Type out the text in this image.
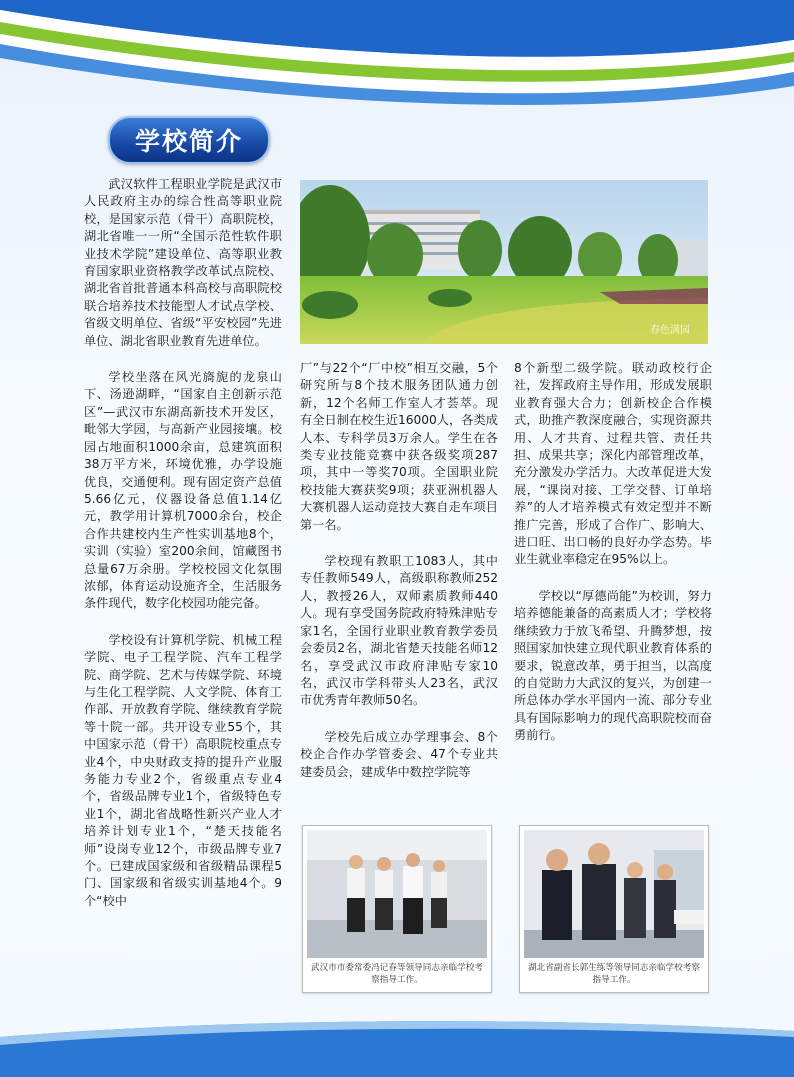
学校简介

武汉软件工程职业学院是武汉市人民政府主办的综合性高等职业院校，是国家示范（骨干）高职院校，湖北省唯一一所“全国示范性软件职业技术学院”建设单位、高等职业教育国家职业资格教学改革试点院校、湖北省首批普通本科高校与高职院校联合培养技术技能型人才试点学校、省级文明单位、省级“平安校园”先进单位、湖北省职业教育先进单位。

学校坐落在风光旖旎的龙泉山下、汤逊湖畔，“国家自主创新示范区”—武汉市东湖高新技术开发区，毗邻大学园，与高新产业园接壤。校园占地面积1000余亩，总建筑面积38万平方米，环境优雅，办学设施优良，交通便利。现有固定资产总值5.66亿元，仪器设备总值1.14亿元，教学用计算机7000余台，校企合作共建校内生产性实训基地8个，实训（实验）室200余间，馆藏图书总量67万余册。学校校园文化氛围浓郁，体育运动设施齐全，生活服务条件现代，数字化校园功能完备。

学校设有计算机学院、机械工程学院、电子工程学院、汽车工程学院、商学院、艺术与传媒学院、环境与生化工程学院、人文学院、体育工作部、开放教育学院、继续教育学院等十院一部。共开设专业55个，其中国家示范（骨干）高职院校重点专业4个，中央财政支持的提升产业服务能力专业2个，省级重点专业4个，省级品牌专业1个，省级特色专业1个，湖北省战略性新兴产业人才培养计划专业1个，“楚天技能名师”设岗专业12个，市级品牌专业7个。已建成国家级和省级精品课程5门、国家级和省级实训基地4个。9个“校中

春色满园

厂”与22个“厂中校”相互交融，5个研究所与8个技术服务团队通力创新，12个名师工作室人才荟萃。现有全日制在校生近16000人，各类成人本、专科学员3万余人。学生在各类专业技能竞赛中获各级奖项287项，其中一等奖70项。全国职业院校技能大赛获奖9项；获亚洲机器人大赛机器人运动竞技大赛自走车项目第一名。

学校现有教职工1083人，其中专任教师549人，高级职称教师252人，教授26人，双师素质教师440人。现有享受国务院政府特殊津贴专家1名，全国行业职业教育教学委员会委员2名，湖北省楚天技能名师12名，享受武汉市政府津贴专家10名，武汉市学科带头人23名，武汉市优秀青年教师50名。

学校先后成立办学理事会、8个校企合作办学管委会、47个专业共建委员会，建成华中数控学院等

8个新型二级学院。联动政校行企社，发挥政府主导作用，形成发展职业教育强大合力；创新校企合作模式，助推产教深度融合，实现资源共用、人才共育、过程共管、责任共担、成果共享；深化内部管理改革，充分激发办学活力。大改革促进大发展，“课岗对接、工学交替、订单培养”的人才培养模式有效定型并不断推广完善，形成了合作广、影响大、进口旺、出口畅的良好办学态势。毕业生就业率稳定在95%以上。

学校以“厚德尚能”为校训，努力培养德能兼备的高素质人才；学校将继续致力于放飞希望、升腾梦想，按照国家加快建立现代职业教育体系的要求，锐意改革，勇于担当，以高度的自觉助力大武汉的复兴，为创建一所总体办学水平国内一流、部分专业具有国际影响力的现代高职院校而奋勇前行。

武汉市市委常委冯记春等领导同志亲临学校考察指导工作。
湖北省副省长郭生练等领导同志亲临学校考察指导工作。
